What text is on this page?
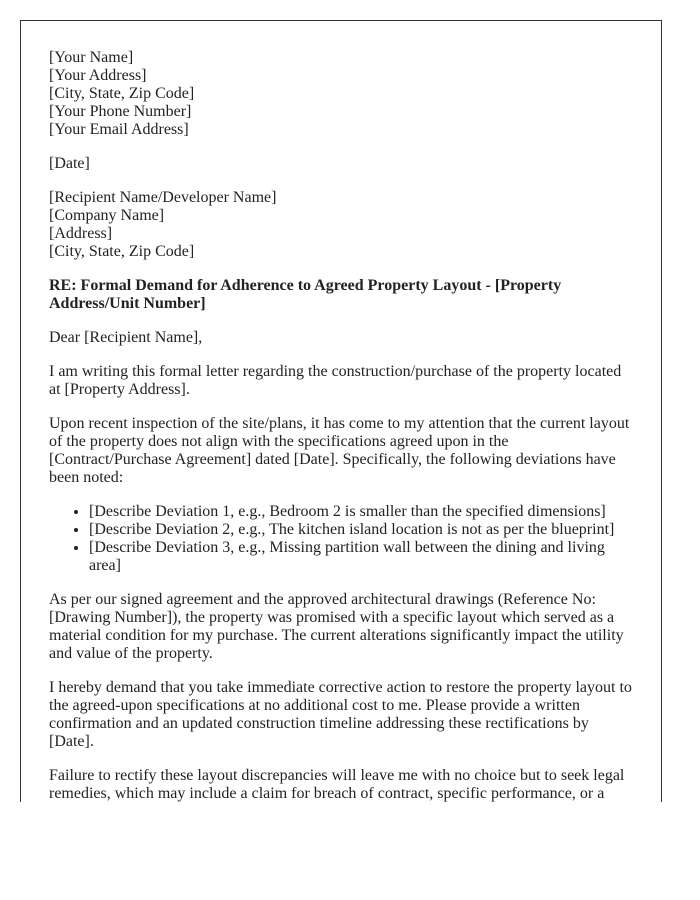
[Your Name]
[Your Address]
[City, State, Zip Code]
[Your Phone Number]
[Your Email Address]

[Date]

[Recipient Name/Developer Name]
[Company Name]
[Address]
[City, State, Zip Code]

RE: Formal Demand for Adherence to Agreed Property Layout - [Property Address/Unit Number]

Dear [Recipient Name],

I am writing this formal letter regarding the construction/purchase of the property located at [Property Address].

Upon recent inspection of the site/plans, it has come to my attention that the current layout of the property does not align with the specifications agreed upon in the [Contract/Purchase Agreement] dated [Date]. Specifically, the following deviations have been noted:

• [Describe Deviation 1, e.g., Bedroom 2 is smaller than the specified dimensions]
• [Describe Deviation 2, e.g., The kitchen island location is not as per the blueprint]
• [Describe Deviation 3, e.g., Missing partition wall between the dining and living area]

As per our signed agreement and the approved architectural drawings (Reference No: [Drawing Number]), the property was promised with a specific layout which served as a material condition for my purchase. The current alterations significantly impact the utility and value of the property.

I hereby demand that you take immediate corrective action to restore the property layout to the agreed-upon specifications at no additional cost to me. Please provide a written confirmation and an updated construction timeline addressing these rectifications by [Date].

Failure to rectify these layout discrepancies will leave me with no choice but to seek legal remedies, which may include a claim for breach of contract, specific performance, or a
